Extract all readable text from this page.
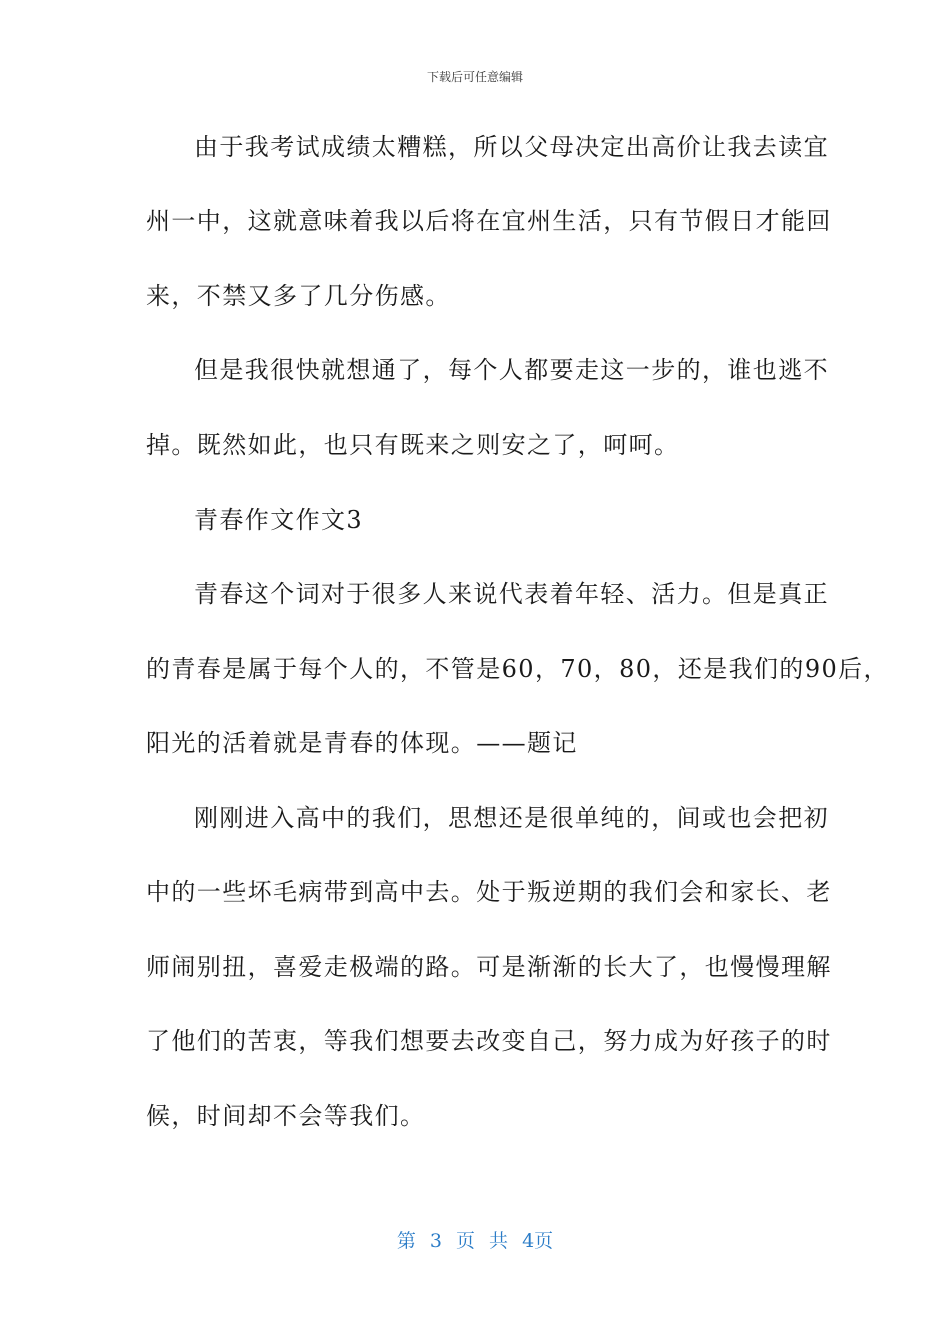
下载后可任意编辑
由于我考试成绩太糟糕，所以父母决定出高价让我去读宜
州一中，这就意味着我以后将在宜州生活，只有节假日才能回
来，不禁又多了几分伤感。
但是我很快就想通了，每个人都要走这一步的，谁也逃不
掉。既然如此，也只有既来之则安之了，呵呵。
青春作文作文3
青春这个词对于很多人来说代表着年轻、活力。但是真正
的青春是属于每个人的，不管是60，70，80，还是我们的90后，
阳光的活着就是青春的体现。——题记
刚刚进入高中的我们，思想还是很单纯的，间或也会把初
中的一些坏毛病带到高中去。处于叛逆期的我们会和家长、老
师闹别扭，喜爱走极端的路。可是渐渐的长大了，也慢慢理解
了他们的苦衷，等我们想要去改变自己，努力成为好孩子的时
候，时间却不会等我们。
第 3 页 共 4页
